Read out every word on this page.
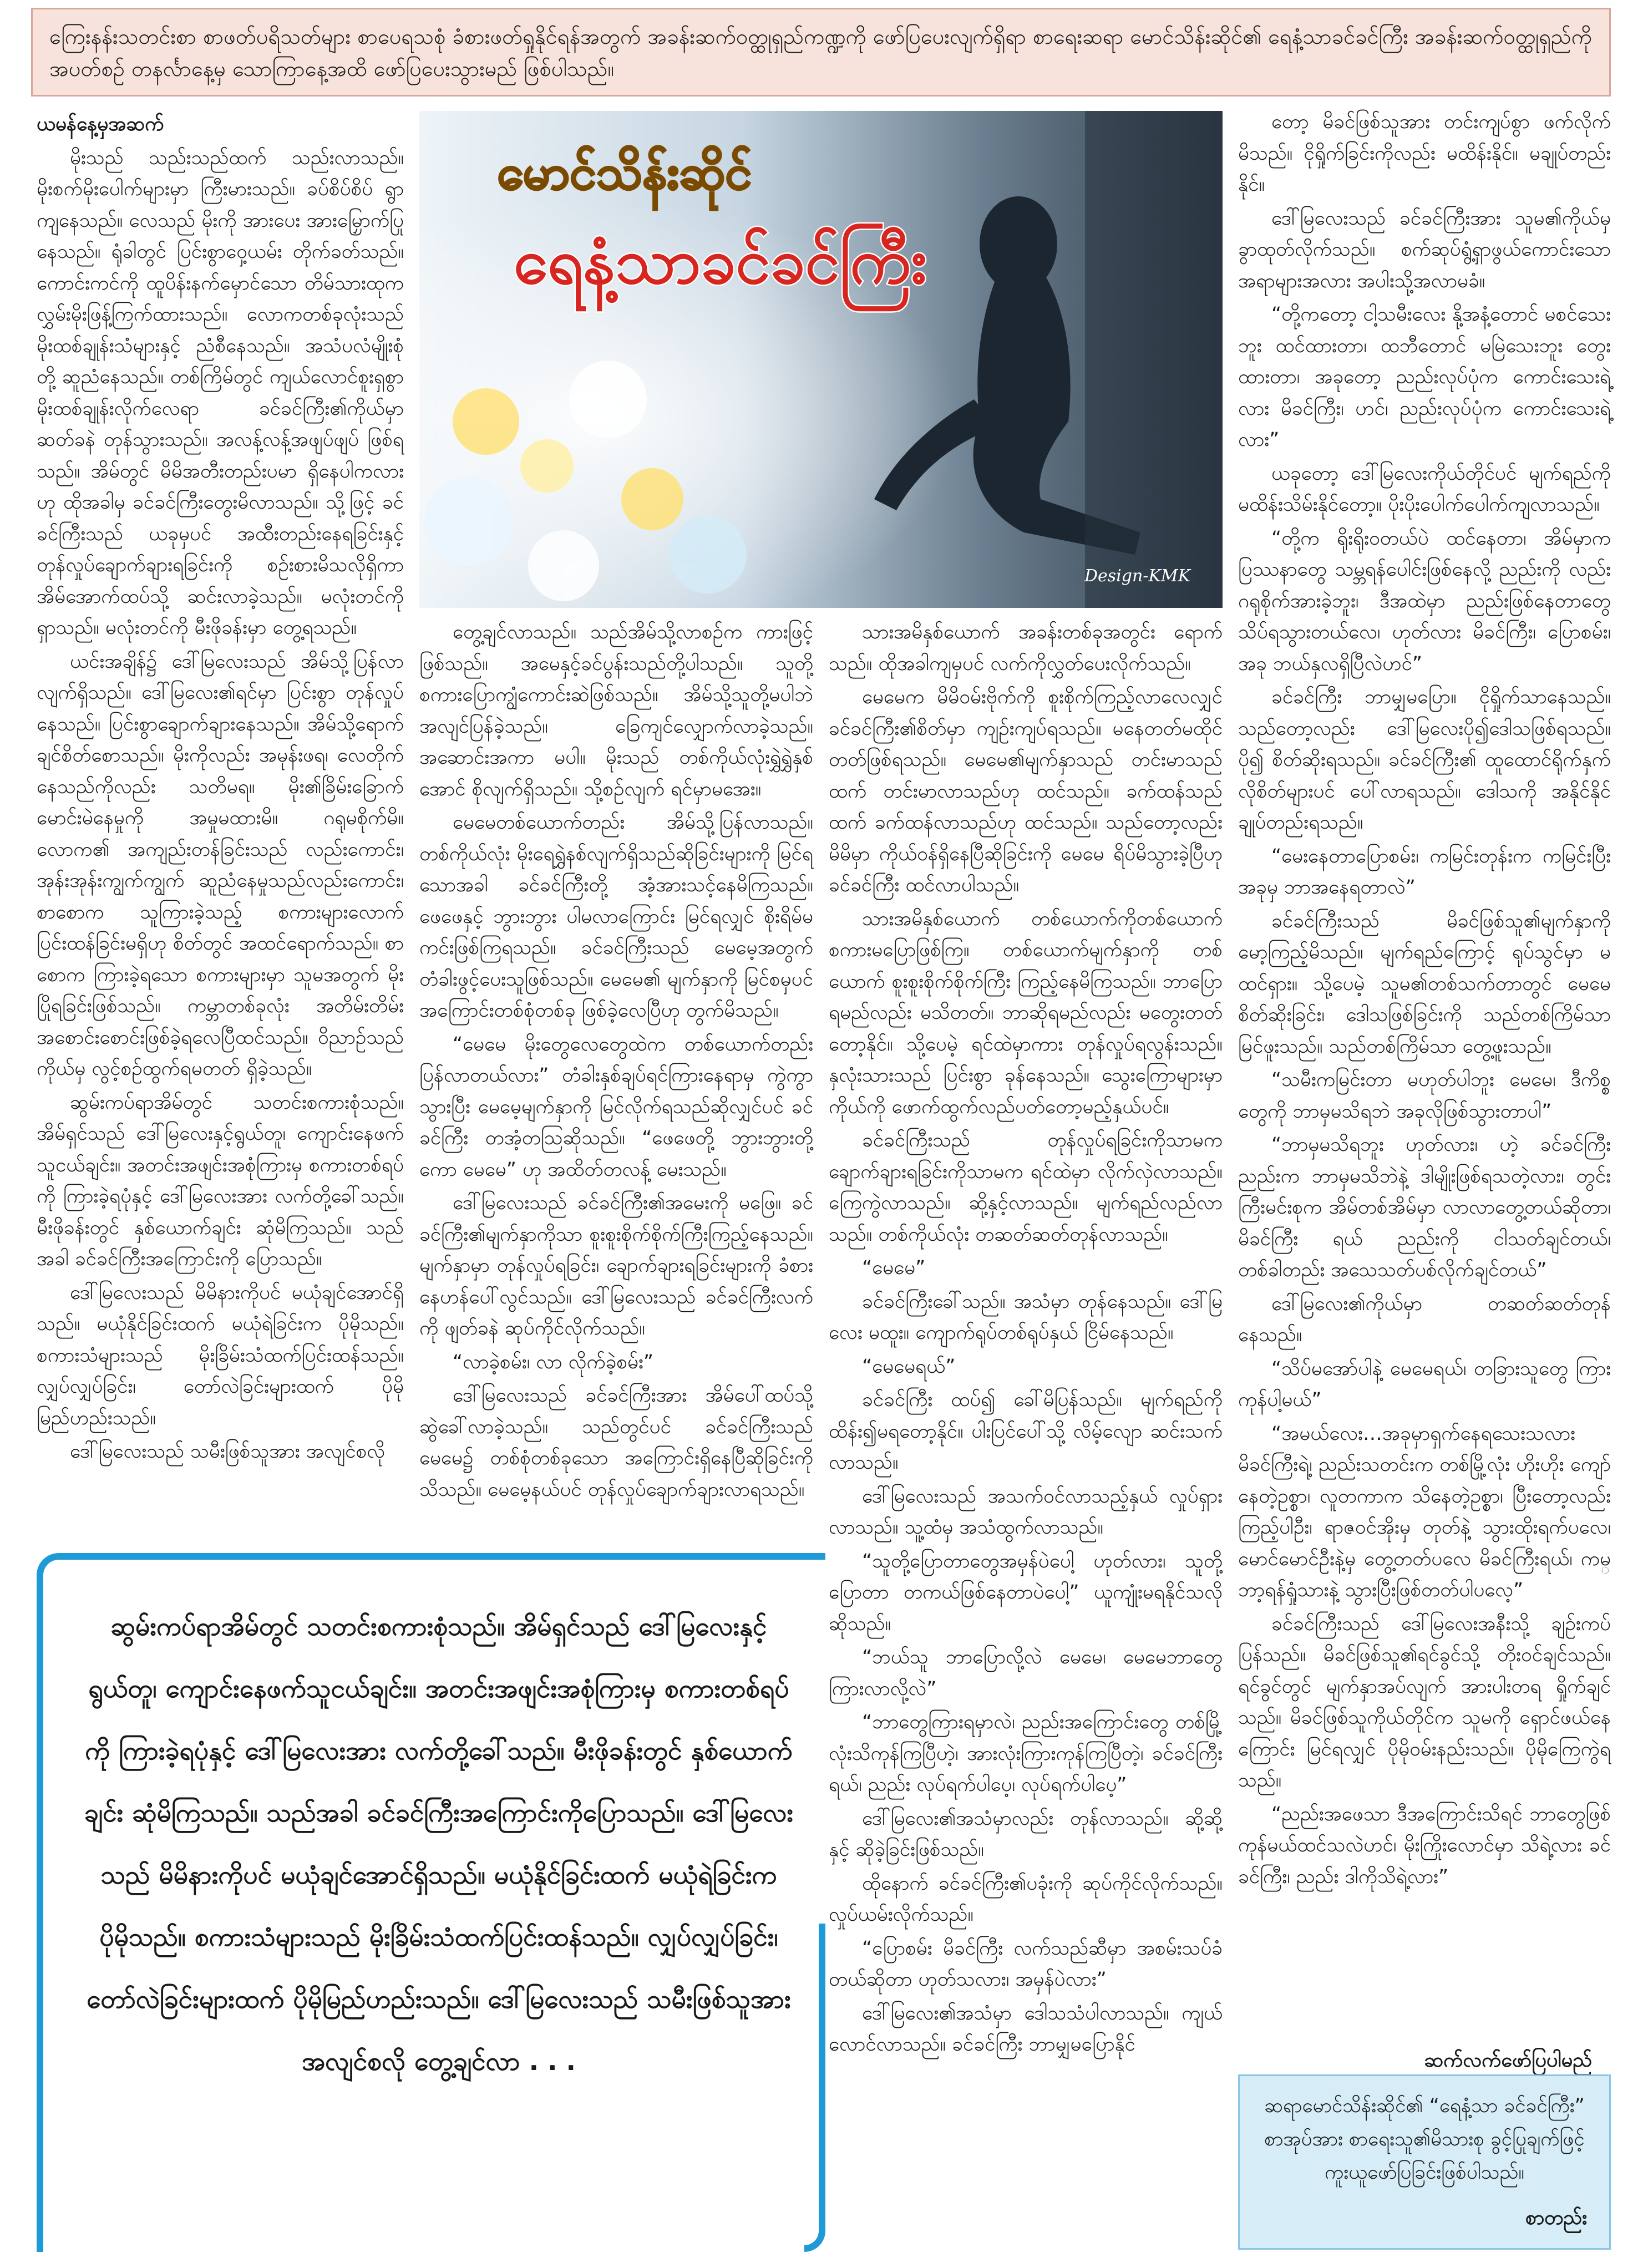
ကြေးနန်းသတင်းစာ စာဖတ်ပရိသတ်များ စာပေရသစုံ ခံစားဖတ်ရှုနိုင်ရန်အတွက် အခန်းဆက်ဝတ္ထုရှည်ကဏ္ဍကို ဖော်ပြပေးလျက်ရှိရာ စာရေးဆရာ မောင်သိန်းဆိုင်၏ ရေနံ့သာခင်ခင်ကြီး အခန်းဆက်ဝတ္ထုရှည်ကို အပတ်စဉ် တနင်္လာနေ့မှ သောကြာနေ့အထိ ဖော်ပြပေးသွားမည် ဖြစ်ပါသည်။

ယမန်နေ့မှအဆက်

မိုးသည် သည်းသည်ထက် သည်းလာသည်။ မိုးစက်မိုးပေါက်များမှာ ကြီးမားသည်။ ခပ်စိပ်စိပ် ရွာကျနေသည်။ လေသည် မိုးကို အားပေး အားမြှောက်ပြုနေသည်။ ရုံခါတွင် ပြင်းစွာဝှေ့ယမ်း တိုက်ခတ်သည်။ ကောင်းကင်ကို ထူပိန်းနက်မှောင်သော တိမ်သားထုက လွှမ်းမိုးဖြန့်ကြက်ထားသည်။ လောကတစ်ခုလုံးသည် မိုးထစ်ချုန်းသံများနှင့် ညံစီနေသည်။ အသံပလံမျိုးစုံတို့ ဆူညံနေသည်။ တစ်ကြိမ်တွင် ကျယ်လောင်စူးရှစွာ မိုးထစ်ချုန်းလိုက်လေရာ ခင်ခင်ကြီး၏ကိုယ်မှာ ဆတ်ခနဲ တုန်သွားသည်။ အလန့်လန့်အဖျပ်ဖျပ် ဖြစ်ရသည်။ အိမ်တွင် မိမိအတီးတည်းပမာ ရှိနေပါကလားဟု ထိုအခါမှ ခင်ခင်ကြီးတွေးမိလာသည်။ သို့ဖြင့် ခင်ခင်ကြီးသည် ယခုမှပင် အထီးတည်းနေရခြင်းနှင့် တုန်လှုပ်ချောက်ချားရခြင်းကို စဉ်းစားမိသလိုရှိကာ အိမ်အောက်ထပ်သို့ ဆင်းလာခဲ့သည်။ မလုံးတင်ကို ရှာသည်။ မလုံးတင်ကို မီးဖိုခန်းမှာ တွေ့ရသည်။

ယင်းအချိန်၌ ဒေါ်မြလေးသည် အိမ်သို့ပြန်လာလျက်ရှိသည်။ ဒေါ်မြလေး၏ရင်မှာ ပြင်းစွာ တုန်လှုပ်နေသည်။ ပြင်းစွာချောက်ချားနေသည်။ အိမ်သို့ရောက်ချင်စိတ်စောသည်။ မိုးကိုလည်း အမုန်းဖရ၊ လေတိုက်နေသည်ကိုလည်း သတိမရ။ မိုး၏ခြိမ်းခြောက်မောင်းမဲနေမှုကို အမှုမထားမိ။ ဂရုမစိုက်မိ။ လောက၏ အကျည်းတန်ခြင်းသည် လည်းကောင်း၊ အုန်းအုန်းကျွက်ကျွက် ဆူညံနေမှုသည်လည်းကောင်း၊ စာစောက သူကြားခဲ့သည့် စကားများလောက် ပြင်းထန်ခြင်းမရှိဟု စိတ်တွင် အထင်ရောက်သည်။ စာစောက ကြားခဲ့ရသော စကားများမှာ သူမအတွက် မိုးပြိုရခြင်းဖြစ်သည်။ ကမ္ဘာတစ်ခုလုံး အတိမ်းတိမ်း အစောင်းစောင်းဖြစ်ခဲ့ရလေပြီထင်သည်။ ဝိညာဉ်သည် ကိုယ်မှ လွင့်စဉ်ထွက်ရမတတ် ရှိခဲ့သည်။

ဆွမ်းကပ်ရာအိမ်တွင် သတင်းစကားစုံသည်။ အိမ်ရှင်သည် ဒေါ်မြလေးနှင့်ရွယ်တူ၊ ကျောင်းနေဖက် သူငယ်ချင်း။ အတင်းအဖျင်းအစုံကြားမှ စကားတစ်ရပ်ကို ကြားခဲ့ရပုံနှင့် ဒေါ်မြလေးအား လက်တို့ခေါ်သည်။ မီးဖိုခန်းတွင် နှစ်ယောက်ချင်း ဆုံမိကြသည်။ သည်အခါ ခင်ခင်ကြီးအကြောင်းကို ပြောသည်။

ဒေါ်မြလေးသည် မိမိနားကိုပင် မယုံချင်အောင်ရှိသည်။ မယုံနိုင်ခြင်းထက် မယုံရဲခြင်းက ပိုမိုသည်။ စကားသံများသည် မိုးခြိမ်းသံထက်ပြင်းထန်သည်။ လျှပ်လျှပ်ခြင်း၊ တော်လဲခြင်းများထက် ပိုမို မြည်ဟည်းသည်။

ဒေါ်မြလေးသည် သမီးဖြစ်သူအား အလျင်စလို

မောင်သိန်းဆိုင်
ရေနံ့သာခင်ခင်ကြီး
Design-KMK

တွေ့ချင်လာသည်။ သည်အိမ်သို့လာစဉ်က ကားဖြင့်ဖြစ်သည်။ အမေနှင့်ခင်ပွန်းသည်တို့ပါသည်။ သူတို့ စကားပြောကျွံကောင်းဆဲဖြစ်သည်။ အိမ်သို့သူတို့မပါဘဲ အလျင်ပြန်ခဲ့သည်။ ခြေကျင်လျှောက်လာခဲ့သည်။ အဆောင်းအကာ မပါ။ မိုးသည် တစ်ကိုယ်လုံးရွှဲရွှဲနှစ်အောင် စိုလျက်ရှိသည်။ သို့စဉ်လျက် ရင်မှာမအေး။

မေမေတစ်ယောက်တည်း အိမ်သို့ပြန်လာသည်။ တစ်ကိုယ်လုံး မိုးရေရွှဲနစ်လျက်ရှိသည်ဆိုခြင်းများကို မြင်ရသောအခါ ခင်ခင်ကြီးတို့ အံ့အားသင့်နေမိကြသည်။ ဖေဖေနှင့် ဘွားဘွား ပါမလာကြောင်း မြင်ရလျှင် စိုးရိမ်မကင်းဖြစ်ကြရသည်။ ခင်ခင်ကြီးသည် မေမေ့အတွက် တံခါးဖွင့်ပေးသူဖြစ်သည်။ မေမေ၏ မျက်နှာကို မြင်စမှပင် အကြောင်းတစ်စုံတစ်ခု ဖြစ်ခဲ့လေပြီဟု တွက်မိသည်။

“မေမေ မိုးတွေလေတွေထဲက တစ်ယောက်တည်း ပြန်လာတယ်လား” တံခါးနှစ်ချပ်ရင်ကြားနေရာမှ ကွဲကွာသွားပြီး မေမေ့မျက်နှာကို မြင်လိုက်ရသည်ဆိုလျှင်ပင် ခင်ခင်ကြီး တအံ့တသြဆိုသည်။ “ဖေဖေတို့ ဘွားဘွားတို့ကော မေမေ” ဟု အထိတ်တလန့် မေးသည်။

ဒေါ်မြလေးသည် ခင်ခင်ကြီး၏အမေးကို မဖြေ။ ခင်ခင်ကြီး၏မျက်နှာကိုသာ စူးစူးစိုက်စိုက်ကြီးကြည့်နေသည်။ မျက်နှာမှာ တုန်လှုပ်ရခြင်း၊ ချောက်ချားရခြင်းများကို ခံစားနေဟန်ပေါ်လွင်သည်။ ဒေါ်မြလေးသည် ခင်ခင်ကြီးလက်ကို ဖျတ်ခနဲ ဆုပ်ကိုင်လိုက်သည်။

“လာခဲ့စမ်း၊ လာ လိုက်ခဲ့စမ်း”

ဒေါ်မြလေးသည် ခင်ခင်ကြီးအား အိမ်ပေါ်ထပ်သို့ ဆွဲခေါ်လာခဲ့သည်။ သည်တွင်ပင် ခင်ခင်ကြီးသည် မေမေ၌ တစ်စုံတစ်ခုသော အကြောင်းရှိနေပြီဆိုခြင်းကို သိသည်။ မေမေ့နယ်ပင် တုန်လှုပ်ချောက်ချားလာရသည်။

သားအမိနှစ်ယောက် အခန်းတစ်ခုအတွင်း ရောက်သည်။ ထိုအခါကျမှပင် လက်ကိုလွှတ်ပေးလိုက်သည်။

မေမေက မိမိဝမ်းဗိုက်ကို စူးစိုက်ကြည့်လာလေလျှင် ခင်ခင်ကြီး၏စိတ်မှာ ကျဉ်းကျပ်ရသည်။ မနေတတ်မထိုင်တတ်ဖြစ်ရသည်။ မေမေ၏မျက်နှာသည် တင်းမာသည်ထက် တင်းမာလာသည်ဟု ထင်သည်။ ခက်ထန်သည်ထက် ခက်ထန်လာသည်ဟု ထင်သည်။ သည်တော့လည်း မိမိမှာ ကိုယ်ဝန်ရှိနေပြီဆိုခြင်းကို မေမေ ရိပ်မိသွားခဲ့ပြီဟု ခင်ခင်ကြီး ထင်လာပါသည်။

သားအမိနှစ်ယောက် တစ်ယောက်ကိုတစ်ယောက် စကားမပြောဖြစ်ကြ။ တစ်ယောက်မျက်နှာကို တစ်ယောက် စူးစူးစိုက်စိုက်ကြီး ကြည့်နေမိကြသည်။ ဘာပြောရမည်လည်း မသိတတ်။ ဘာဆိုရမည်လည်း မတွေးတတ်တော့နိုင်။ သို့ပေမဲ့ ရင်ထဲမှာကား တုန်လှုပ်ရလွန်းသည်။ နှလုံးသားသည် ပြင်းစွာ ခုန်နေသည်။ သွေးကြောများမှာ ကိုယ်ကို ဖောက်ထွက်လည်ပတ်တော့မည့်နှယ်ပင်။

ခင်ခင်ကြီးသည် တုန်လှုပ်ရခြင်းကိုသာမက ချောက်ချားရခြင်းကိုသာမက ရင်ထဲမှာ လိုက်လှဲလာသည်။ ကြေကွဲလာသည်။ ဆို့နှင့်လာသည်။ မျက်ရည်လည်လာသည်။ တစ်ကိုယ်လုံး တဆတ်ဆတ်တုန်လာသည်။

“မေမေ”

ခင်ခင်ကြီးခေါ်သည်။ အသံမှာ တုန်နေသည်။ ဒေါ်မြလေး မထူး။ ကျောက်ရုပ်တစ်ရုပ်နှယ် ငြိမ်နေသည်။

“မေမေရယ်”

ခင်ခင်ကြီး ထပ်၍ ခေါ်မိပြန်သည်။ မျက်ရည်ကို ထိန်း၍မရတော့နိုင်။ ပါးပြင်ပေါ်သို့ လိမ့်လျော ဆင်းသက်လာသည်။

ဒေါ်မြလေးသည် အသက်ဝင်လာသည့်နှယ် လှုပ်ရှားလာသည်။ သူ့ထံမှ အသံထွက်လာသည်။

“သူတို့ပြောတာတွေအမှန်ပဲပေါ့ ဟုတ်လား၊ သူတို့ပြောတာ တကယ်ဖြစ်နေတာပဲပေါ့” ယူကျုံးမရနိုင်သလို ဆိုသည်။

“ဘယ်သူ ဘာပြောလို့လဲ မေမေ၊ မေမေဘာတွေ ကြားလာလို့လဲ”

“ဘာတွေကြားရမှာလဲ၊ ညည်းအကြောင်းတွေ တစ်မြို့လုံးသိကုန်ကြပြီဟဲ့၊ အားလုံးကြားကုန်ကြပြီတဲ့၊ ခင်ခင်ကြီးရယ်၊ ညည်း လုပ်ရက်ပါပေ့၊ လုပ်ရက်ပါပေ့”

ဒေါ်မြလေး၏အသံမှာလည်း တုန်လာသည်။ ဆို့ဆို့နှင့် ဆိုခဲ့ခြင်းဖြစ်သည်။

ထိုနောက် ခင်ခင်ကြီး၏ပခုံးကို ဆုပ်ကိုင်လိုက်သည်။ လှုပ်ယမ်းလိုက်သည်။

“ပြောစမ်း မိခင်ကြီး လက်သည်ဆီမှာ အစမ်းသပ်ခံတယ်ဆိုတာ ဟုတ်သလား၊ အမှန်ပဲလား”

ဒေါ်မြလေး၏အသံမှာ ဒေါသသံပါလာသည်။ ကျယ်လောင်လာသည်။ ခင်ခင်ကြီး ဘာမျှမပြောနိုင်

တော့ မိခင်ဖြစ်သူအား တင်းကျပ်စွာ ဖက်လိုက်မိသည်။ ငိုရှိုက်ခြင်းကိုလည်း မထိန်းနိုင်။ မချုပ်တည်းနိုင်။

ဒေါ်မြလေးသည် ခင်ခင်ကြီးအား သူမ၏ကိုယ်မှ ခွာထုတ်လိုက်သည်။ စက်ဆုပ်ရွံ့ရှာဖွယ်ကောင်းသော အရာများအလား အပါးသို့အလာမခံ။

“တို့ကတော့ ငါ့သမီးလေး နို့အနံ့တောင် မစင်သေးဘူး ထင်ထားတာ၊ ထဘီတောင် မမြဲသေးဘူး တွေးထားတာ၊ အခုတော့ ညည်းလုပ်ပုံက ကောင်းသေးရဲ့လား မိခင်ကြီး၊ ဟင်၊ ညည်းလုပ်ပုံက ကောင်းသေးရဲ့လား”

ယခုတော့ ဒေါ်မြလေးကိုယ်တိုင်ပင် မျက်ရည်ကို မထိန်းသိမ်းနိုင်တော့။ ပိုးပိုးပေါက်ပေါက်ကျလာသည်။

“တို့က ရိုးရိုးဝတယ်ပဲ ထင်နေတာ၊ အိမ်မှာက ပြဿနာတွေ သမ္ဘရန်ပေါင်းဖြစ်နေလို့ ညည်းကို လည်း ဂရုစိုက်အားခဲ့ဘူး၊ ဒီအထဲမှာ ညည်းဖြစ်နေတာတွေ သိပ်ရသွားတယ်လေ၊ ဟုတ်လား မိခင်ကြီး၊ ပြောစမ်း၊ အခု ဘယ်နှလရှိပြီလဲဟင်”

ခင်ခင်ကြီး ဘာမျှမပြော။ ငိုရှိုက်သာနေသည်။ သည်တော့လည်း ဒေါ်မြလေးပို၍ဒေါသဖြစ်ရသည်။ ပို၍ စိတ်ဆိုးရသည်။ ခင်ခင်ကြီး၏ ထူထောင်ရိုက်နှက်လိုစိတ်များပင် ပေါ်လာရသည်။ ဒေါသကို အနိုင်နိုင်ချုပ်တည်းရသည်။

“မေးနေတာပြောစမ်း၊ ကမြင်းတုန်းက ကမြင်းပြီး အခုမှ ဘာအနေရတာလဲ”

ခင်ခင်ကြီးသည် မိခင်ဖြစ်သူ၏မျက်နှာကို မော့ကြည့်မိသည်။ မျက်ရည်ကြောင့် ရုပ်သွင်မှာ မထင်ရှား။ သို့ပေမဲ့ သူမ၏တစ်သက်တာတွင် မေမေ စိတ်ဆိုးခြင်း၊ ဒေါသဖြစ်ခြင်းကို သည်တစ်ကြိမ်သာ မြင်ဖူးသည်။ သည်တစ်ကြိမ်သာ တွေ့ဖူးသည်။

“သမီးကမြင်းတာ မဟုတ်ပါဘူး မေမေ၊ ဒီကိစ္စတွေကို ဘာမှမသိရဘဲ အခုလိုဖြစ်သွားတာပါ”

“ဘာမှမသိရဘူး ဟုတ်လား၊ ဟဲ့ ခင်ခင်ကြီး ညည်းက ဘာမှမသိဘဲနဲ့ ဒါမျိုးဖြစ်ရသတဲ့လား၊ တွင်းကြီးမင်းစုက အိမ်တစ်အိမ်မှာ လာလာတွေ့တယ်ဆိုတာ၊ မိခင်ကြီး ရယ် ညည်းကို ငါသတ်ချင်တယ်၊ တစ်ခါတည်း အသေသတ်ပစ်လိုက်ချင်တယ်”

ဒေါ်မြလေး၏ကိုယ်မှာ တဆတ်ဆတ်တုန်နေသည်။

“သိပ်မအော်ပါနဲ့ မေမေရယ်၊ တခြားသူတွေ ကြားကုန်ပါ့မယ်”

“အမယ်လေး…အခုမှာရှက်နေရသေးသလား မိခင်ကြီးရဲ့၊ ညည်းသတင်းက တစ်မြို့လုံး ဟိုးဟိုး ကျော်နေတဲ့ဥစ္စာ၊ လူတကာက သိနေတဲ့ဥစ္စာ၊ ပြီးတော့လည်း ကြည့်ပါဦး၊ ရာဇဝင်အိုးမှ တုတ်နဲ့ သွားထိုးရက်ပလေ၊ မောင်မောင်ဦးနဲ့မှ တွေ့တတ်ပလေ မိခင်ကြီးရယ်၊ ကမ္ဘာ့ရန်ရှုံသားနဲ့ သွားပြီးဖြစ်တတ်ပါပလေ့”

ခင်ခင်ကြီးသည် ဒေါ်မြလေးအနီးသို့ ချဉ်းကပ်ပြန်သည်။ မိခင်ဖြစ်သူ၏ရင်ခွင်သို့ တိုးဝင်ချင်သည်။ ရင်ခွင်တွင် မျက်နှာအပ်လျက် အားပါးတရ ရှိုက်ချင်သည်။ မိခင်ဖြစ်သူကိုယ်တိုင်က သူမကို ရှောင်ဖယ်နေကြောင်း မြင်ရလျှင် ပိုမိုဝမ်းနည်းသည်။ ပိုမိုကြေကွဲရသည်။

“ညည်းအဖေသာ ဒီအကြောင်းသိရင် ဘာတွေဖြစ်ကုန်မယ်ထင်သလဲဟင်၊ မိုးကြိုးလောင်မှာ သိရဲ့လား ခင်ခင်ကြီး၊ ညည်း ဒါကိုသိရဲ့လား”

ဆွမ်းကပ်ရာအိမ်တွင် သတင်းစကားစုံသည်။ အိမ်ရှင်သည် ဒေါ်မြလေးနှင့်ရွယ်တူ၊ ကျောင်းနေဖက်သူငယ်ချင်း။ အတင်းအဖျင်းအစုံကြားမှ စကားတစ်ရပ်ကို ကြားခဲ့ရပုံနှင့် ဒေါ်မြလေးအား လက်တို့ခေါ်သည်။ မီးဖိုခန်းတွင် နှစ်ယောက်ချင်း ဆုံမိကြသည်။ သည်အခါ ခင်ခင်ကြီးအကြောင်းကိုပြောသည်။ ဒေါ်မြလေးသည် မိမိနားကိုပင် မယုံချင်အောင်ရှိသည်။ မယုံနိုင်ခြင်းထက် မယုံရဲခြင်းက ပိုမိုသည်။ စကားသံများသည် မိုးခြိမ်းသံထက်ပြင်းထန်သည်။ လျှပ်လျှပ်ခြင်း၊ တော်လဲခြင်းများထက် ပိုမိုမြည်ဟည်းသည်။ ဒေါ်မြလေးသည် သမီးဖြစ်သူအား အလျင်စလို တွေ့ချင်လာ . . .	ဆက်လက်ဖော်ပြပါမည်
ဆရာမောင်သိန်းဆိုင်၏ “ရေနံ့သာ ခင်ခင်ကြီး” စာအုပ်အား စာရေးသူ၏မိသားစု ခွင့်ပြုချက်ဖြင့် ကူးယူဖော်ပြခြင်းဖြစ်ပါသည်။
စာတည်း
